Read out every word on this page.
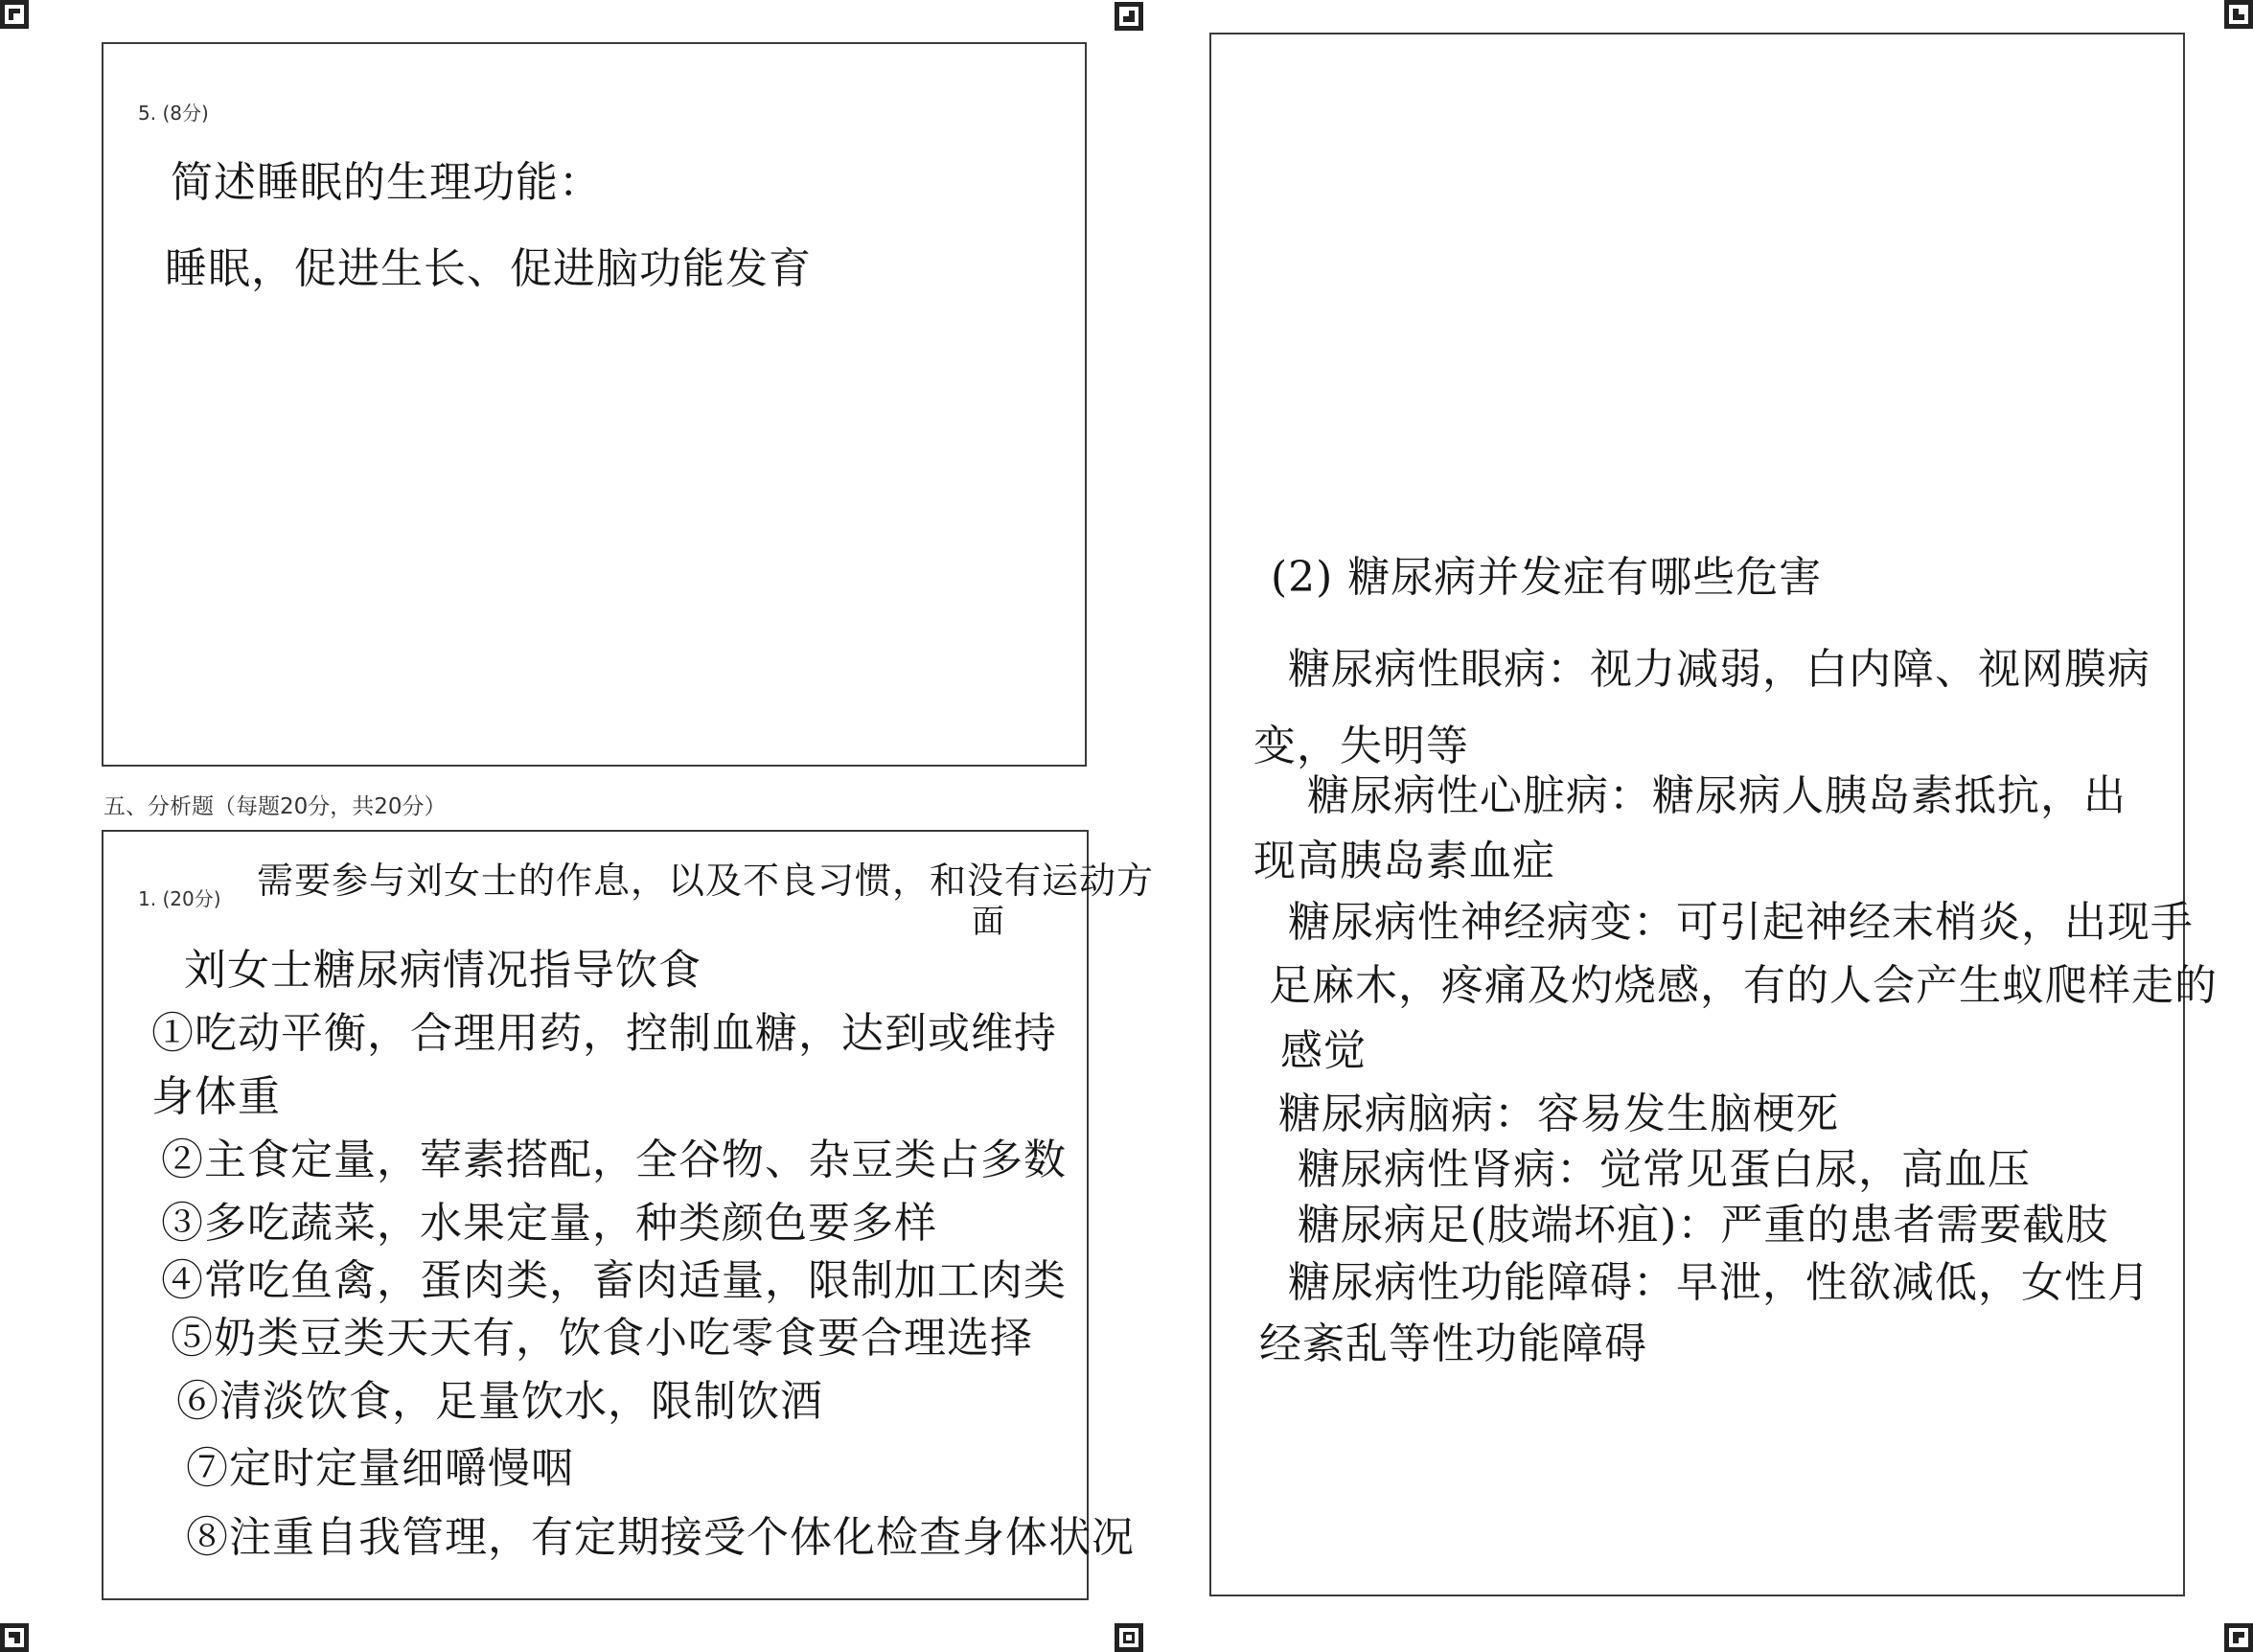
5. (8分)
简述睡眠的生理功能：
睡眠，促进生长、促进脑功能发育
五、分析题（每题20分，共20分）
1. (20分) 需要参与刘女士的作息，以及不良习惯，和没有运动方
面
刘女士糖尿病情况指导饮食
①吃动平衡，合理用药，控制血糖，达到或维持
身体重
②主食定量，荤素搭配，全谷物、杂豆类占多数
③多吃蔬菜，水果定量，种类颜色要多样
④常吃鱼禽，蛋肉类，畜肉适量，限制加工肉类
⑤奶类豆类天天有，饮食小吃零食要合理选择
⑥清淡饮食，足量饮水，限制饮酒
⑦定时定量细嚼慢咽
⑧注重自我管理，有定期接受个体化检查身体状况
(2) 糖尿病并发症有哪些危害
糖尿病性眼病：视力减弱，白内障、视网膜病
变，失明等
糖尿病性心脏病：糖尿病人胰岛素抵抗，出
现高胰岛素血症
糖尿病性神经病变：可引起神经末梢炎，出现手
足麻木，疼痛及灼烧感，有的人会产生蚁爬样走的
感觉
糖尿病脑病：容易发生脑梗死
糖尿病性肾病：觉常见蛋白尿，高血压
糖尿病足(肢端坏疽)：严重的患者需要截肢
糖尿病性功能障碍：早泄，性欲减低，女性月
经紊乱等性功能障碍
